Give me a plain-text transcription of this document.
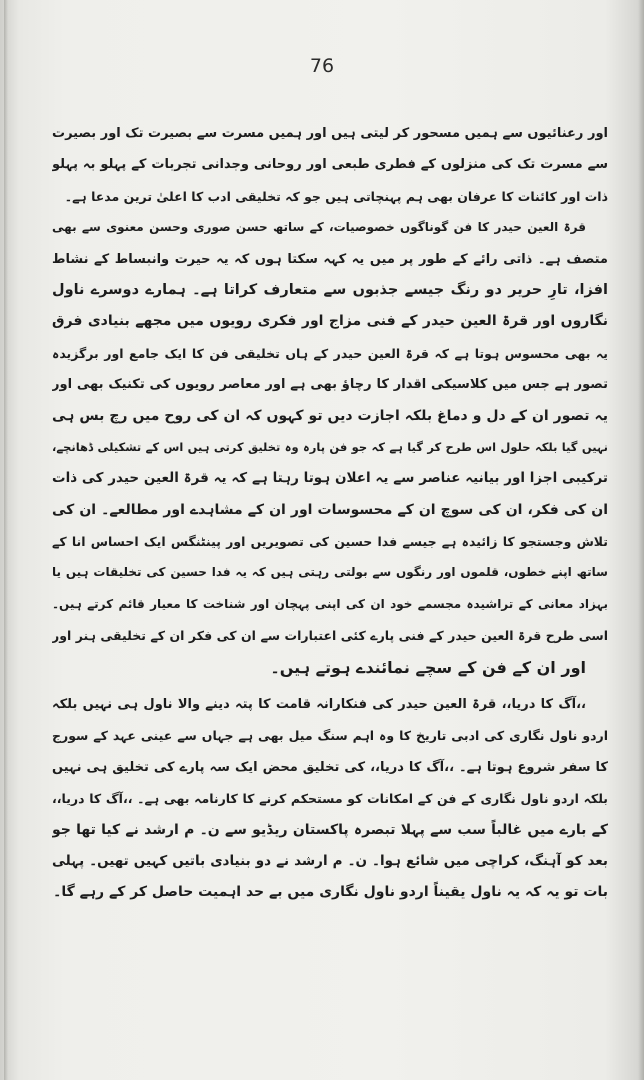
76
اور رعنائیوں سے ہمیں مسحور کر لیتی ہیں اور ہمیں مسرت سے بصیرت تک اور بصیرت
سے مسرت تک کی منزلوں کے فطری طبعی اور روحانی وجدانی تجربات کے پہلو بہ پہلو
ذات اور کائنات کا عرفان بھی ہم پہنچاتی ہیں جو کہ تخلیقی ادب کا اعلیٰ ترین مدعا ہے۔
قرۃ العین حیدر کا فن گوناگوں خصوصیات، کے ساتھ حسن صوری وحسن معنوی سے بھی
متصف ہے۔ ذاتی رائے کے طور پر میں یہ کہہ سکتا ہوں کہ یہ حیرت وانبساط کے نشاط
افزا، تارِ حریر دو رنگ جیسے جذبوں سے متعارف کراتا ہے۔ ہمارے دوسرے ناول
نگاروں اور قرۃ العین حیدر کے فنی مزاج اور فکری رویوں میں مجھے بنیادی فرق
یہ بھی محسوس ہوتا ہے کہ قرۃ العین حیدر کے ہاں تخلیقی فن کا ایک جامع اور برگزیدہ
تصور ہے جس میں کلاسیکی اقدار کا رچاؤ بھی ہے اور معاصر رویوں کی تکنیک بھی اور
یہ تصور ان کے دل و دماغ بلکہ اجازت دیں تو کہوں کہ ان کی روح میں رچ بس ہی
نہیں گیا بلکہ حلول اس طرح کر گیا ہے کہ جو فن پارہ وہ تخلیق کرتی ہیں اس کے تشکیلی ڈھانچے،
ترکیبی اجزا اور بیانیہ عناصر سے یہ اعلان ہوتا رہتا ہے کہ یہ قرۃ العین حیدر کی ذات
ان کی فکر، ان کی سوچ ان کے محسوسات اور ان کے مشاہدے اور مطالعے۔ ان کی
تلاش وجستجو کا زائیدہ ہے جیسے فدا حسین کی تصویریں اور پینٹنگس ایک احساس انا کے
ساتھ اپنے خطوں، قلموں اور رنگوں سے بولتی رہتی ہیں کہ یہ فدا حسین کی تخلیقات ہیں یا
بہزاد معانی کے تراشیدہ مجسمے خود ان کی اپنی پہچان اور شناخت کا معیار قائم کرتے ہیں۔
اسی طرح قرۃ العین حیدر کے فنی پارے کئی اعتبارات سے ان کی فکر ان کے تخلیقی ہنر اور
اور ان کے فن کے سچے نمائندے ہوتے ہیں۔
،،آگ کا دریا،، قرۃ العین حیدر کی فنکارانہ قامت کا پتہ دینے والا ناول ہی نہیں بلکہ
اردو ناول نگاری کی ادبی تاریخ کا وہ اہم سنگ میل بھی ہے جہاں سے عینی عہد کے سورج
کا سفر شروع ہوتا ہے۔ ،،آگ کا دریا،، کی تخلیق محض ایک سہ پارے کی تخلیق ہی نہیں
بلکہ اردو ناول نگاری کے فن کے امکانات کو مستحکم کرنے کا کارنامہ بھی ہے۔ ،،آگ کا دریا،،
کے بارے میں غالباً سب سے پہلا تبصرہ پاکستان ریڈیو سے ن۔ م ارشد نے کیا تھا جو
بعد کو آہنگ، کراچی میں شائع ہوا۔ ن۔ م ارشد نے دو بنیادی باتیں کہیں تھیں۔ پہلی
بات تو یہ کہ یہ ناول یقیناً اردو ناول نگاری میں بے حد اہمیت حاصل کر کے رہے گا۔
